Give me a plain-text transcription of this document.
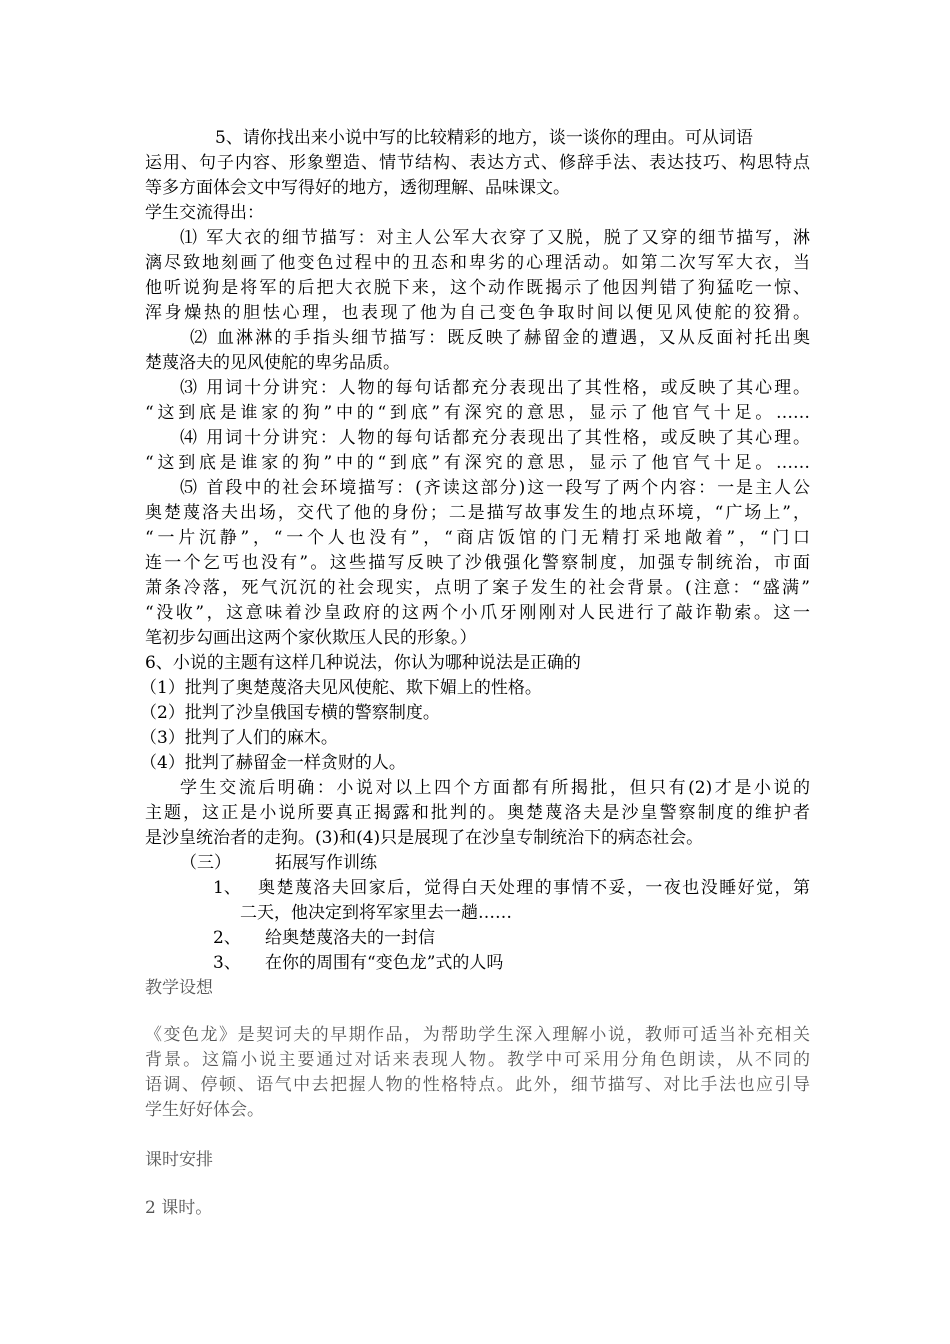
5、请你找出来小说中写的比较精彩的地方，谈一谈你的理由。可从词语
运用、句子内容、形象塑造、情节结构、表达方式、修辞手法、表达技巧、构思特点
等多方面体会文中写得好的地方，透彻理解、品味课文。
学生交流得出：
⑴ 军大衣的细节描写：对主人公军大衣穿了又脱，脱了又穿的细节描写，淋
漓尽致地刻画了他变色过程中的丑态和卑劣的心理活动。如第二次写军大衣，当
他听说狗是将军的后把大衣脱下来，这个动作既揭示了他因判错了狗猛吃一惊、
浑身燥热的胆怯心理，也表现了他为自己变色争取时间以便见风使舵的狡猾。
⑵ 血淋淋的手指头细节描写：既反映了赫留金的遭遇，又从反面衬托出奥
楚蔑洛夫的见风使舵的卑劣品质。
⑶ 用词十分讲究：人物的每句话都充分表现出了其性格，或反映了其心理。
“这到底是谁家的狗”中的“到底”有深究的意思，显示了他官气十足。……
⑷ 用词十分讲究：人物的每句话都充分表现出了其性格，或反映了其心理。
“这到底是谁家的狗”中的“到底”有深究的意思，显示了他官气十足。……
⑸ 首段中的社会环境描写：(齐读这部分)这一段写了两个内容：一是主人公
奥楚蔑洛夫出场，交代了他的身份；二是描写故事发生的地点环境，“广场上”，
“一片沉静”，“一个人也没有”，“商店饭馆的门无精打采地敞着”，“门口
连一个乞丐也没有”。这些描写反映了沙俄强化警察制度，加强专制统治，市面
萧条冷落，死气沉沉的社会现实，点明了案子发生的社会背景。(注意：“盛满”
“没收”，这意味着沙皇政府的这两个小爪牙刚刚对人民进行了敲诈勒索。这一
笔初步勾画出这两个家伙欺压人民的形象。）
6、小说的主题有这样几种说法，你认为哪种说法是正确的
（1）批判了奥楚蔑洛夫见风使舵、欺下媚上的性格。
（2）批判了沙皇俄国专横的警察制度。
（3）批判了人们的麻木。
（4）批判了赫留金一样贪财的人。
学生交流后明确：小说对以上四个方面都有所揭批，但只有(2)才是小说的
主题，这正是小说所要真正揭露和批判的。奥楚蔑洛夫是沙皇警察制度的维护者
是沙皇统治者的走狗。(3)和(4)只是展现了在沙皇专制统治下的病态社会。
（三）	拓展写作训练
1、	奥楚蔑洛夫回家后，觉得白天处理的事情不妥，一夜也没睡好觉，第
二天，他决定到将军家里去一趟……
2、	给奥楚蔑洛夫的一封信
3、	在你的周围有“变色龙”式的人吗
教学设想
《变色龙》是契诃夫的早期作品，为帮助学生深入理解小说，教师可适当补充相关
背景。这篇小说主要通过对话来表现人物。教学中可采用分角色朗读，从不同的
语调、停顿、语气中去把握人物的性格特点。此外，细节描写、对比手法也应引导
学生好好体会。
课时安排
2 课时。
